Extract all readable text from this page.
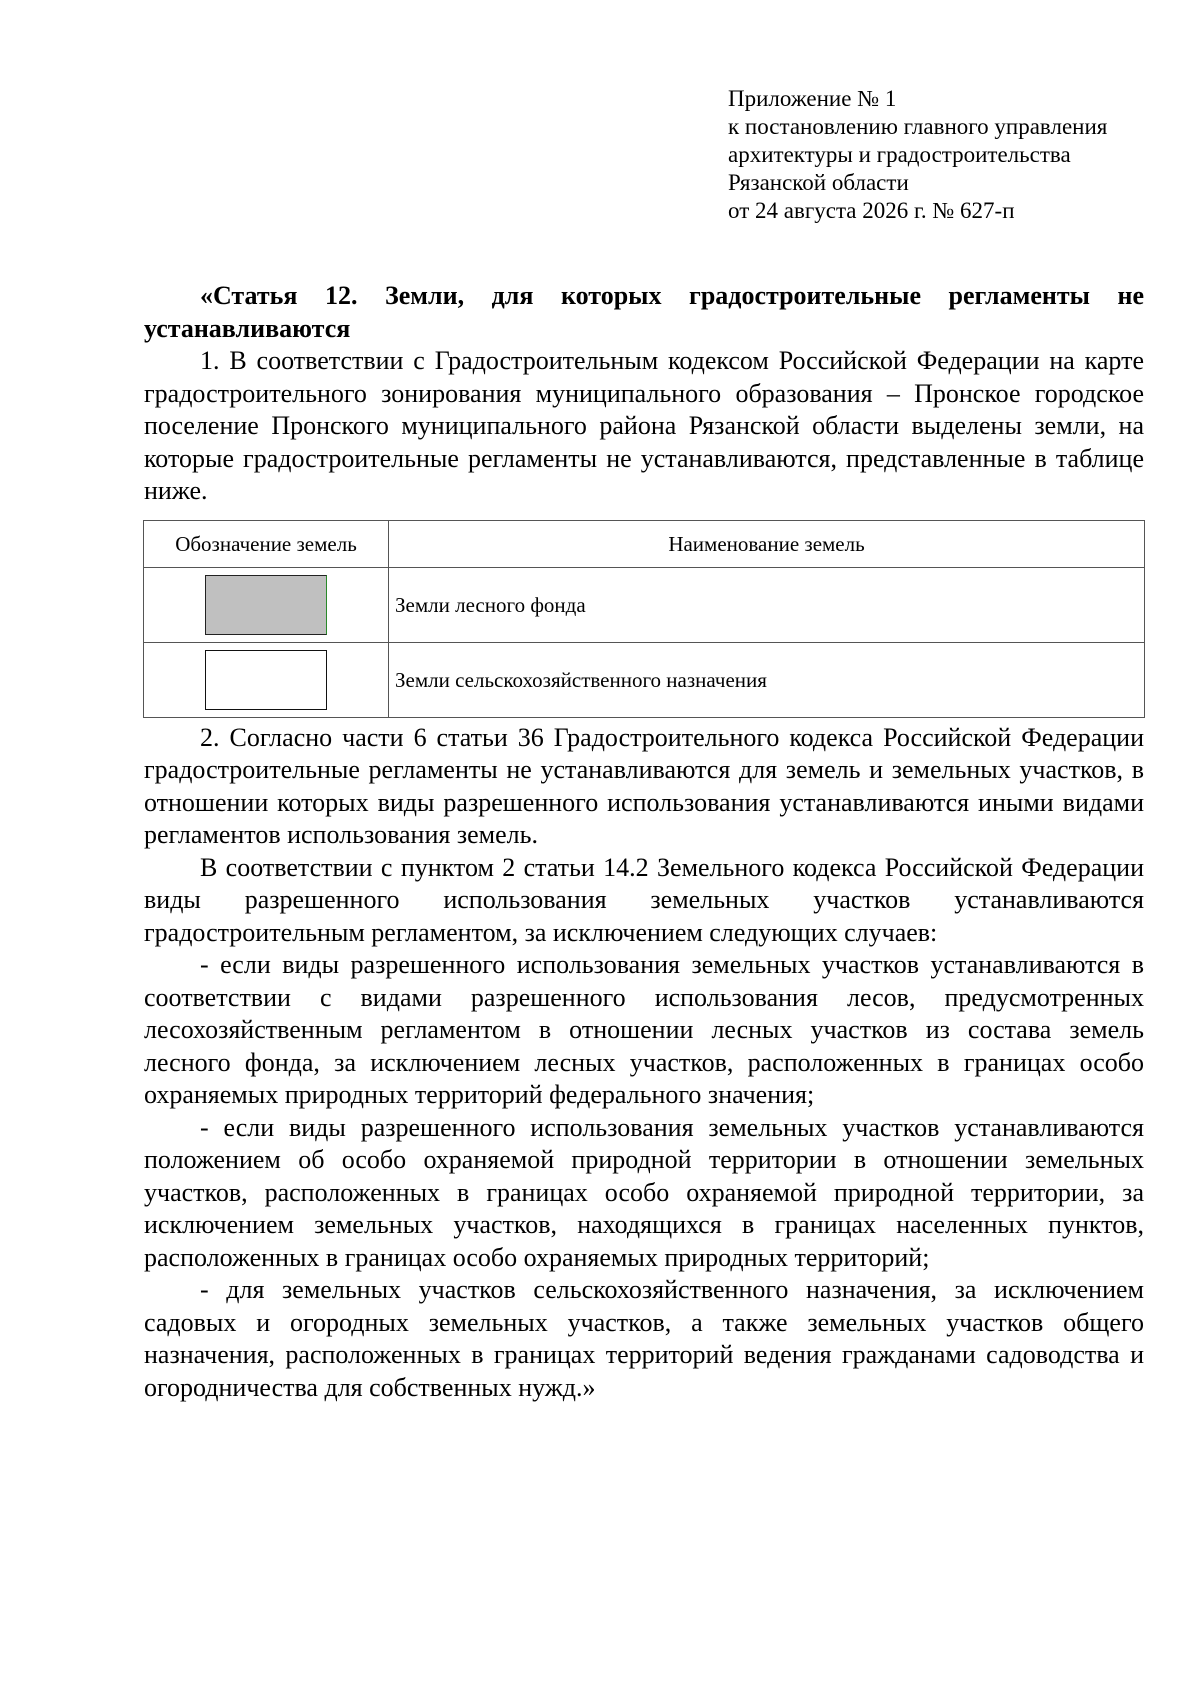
Приложение № 1
к постановлению главного управления
архитектуры и градостроительства
Рязанской области
от 24 августа 2026 г. № 627-п
«Статья 12. Земли, для которых градостроительные регламенты не устанавливаются

1. В соответствии с Градостроительным кодексом Российской Федерации на карте градостроительного зонирования муниципального образования – Пронское городское поселение Пронского муниципального района Рязанской области выделены земли, на которые градостроительные регламенты не устанавливаются, представленные в таблице ниже.

Обозначение земель	Наименование земель
	Земли лесного фонда
	Земли сельскохозяйственного назначения

2. Согласно части 6 статьи 36 Градостроительного кодекса Российской Федерации градостроительные регламенты не устанавливаются для земель и земельных участков, в отношении которых виды разрешенного использования устанавливаются иными видами регламентов использования земель.

В соответствии с пунктом 2 статьи 14.2 Земельного кодекса Российской Федерации виды разрешенного использования земельных участков устанавливаются градостроительным регламентом, за исключением следующих случаев:

- если виды разрешенного использования земельных участков устанавливаются в соответствии с видами разрешенного использования лесов, предусмотренных лесохозяйственным регламентом в отношении лесных участков из состава земель лесного фонда, за исключением лесных участков, расположенных в границах особо охраняемых природных территорий федерального значения;

- если виды разрешенного использования земельных участков устанавливаются положением об особо охраняемой природной территории в отношении земельных участков, расположенных в границах особо охраняемой природной территории, за исключением земельных участков, находящихся в границах населенных пунктов, расположенных в границах особо охраняемых природных территорий;

- для земельных участков сельскохозяйственного назначения, за исключением садовых и огородных земельных участков, а также земельных участков общего назначения, расположенных в границах территорий ведения гражданами садоводства и огородничества для собственных нужд.»
